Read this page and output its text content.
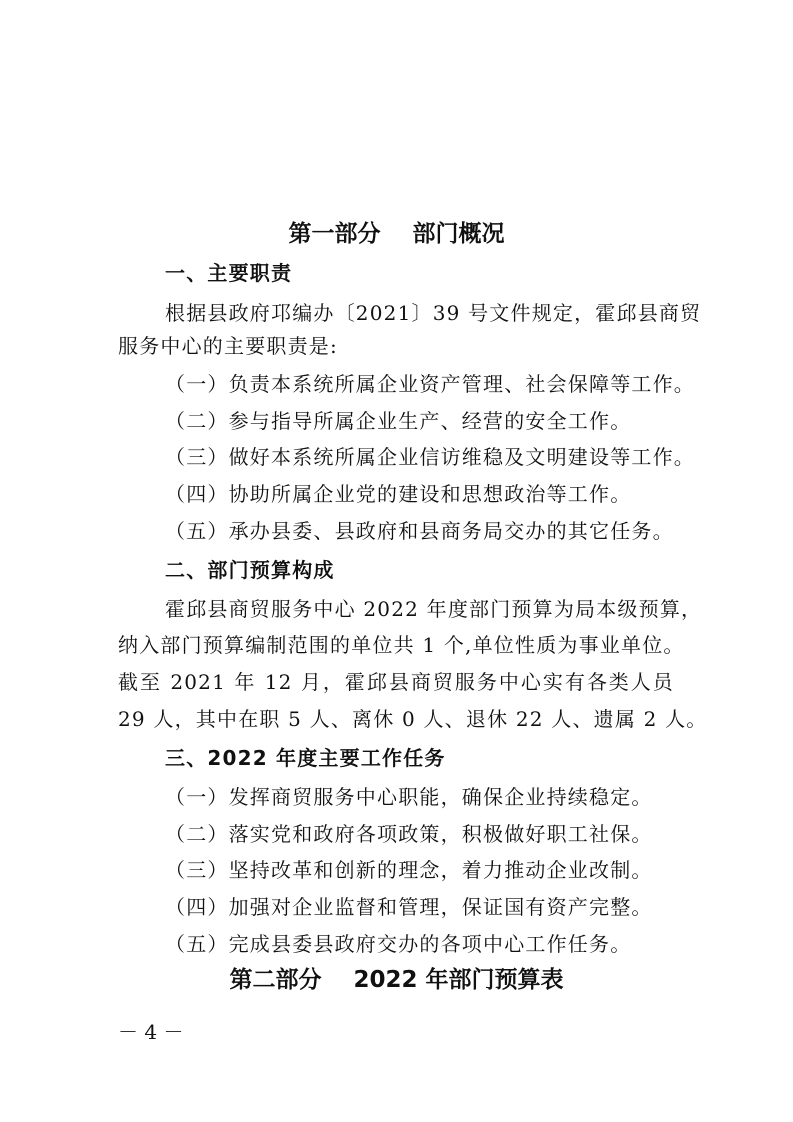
第一部分    部门概况
一、主要职责
根据县政府邛编办〔2021〕39 号文件规定，霍邱县商贸
服务中心的主要职责是:
（一）负责本系统所属企业资产管理、社会保障等工作。
（二）参与指导所属企业生产、经营的安全工作。
（三）做好本系统所属企业信访维稳及文明建设等工作。
（四）协助所属企业党的建设和思想政治等工作。
（五）承办县委、县政府和县商务局交办的其它任务。
二、部门预算构成
霍邱县商贸服务中心 2022 年度部门预算为局本级预算，
纳入部门预算编制范围的单位共 1 个,单位性质为事业单位。
截至 2021 年 12 月，霍邱县商贸服务中心实有各类人员
29 人，其中在职 5 人、离休 0 人、退休 22 人、遗属 2 人。
三、2022 年度主要工作任务
（一）发挥商贸服务中心职能，确保企业持续稳定。
（二）落实党和政府各项政策，积极做好职工社保。
（三）坚持改革和创新的理念，着力推动企业改制。
（四）加强对企业监督和管理，保证国有资产完整。
（五）完成县委县政府交办的各项中心工作任务。
第二部分    2022 年部门预算表
－ 4 －
